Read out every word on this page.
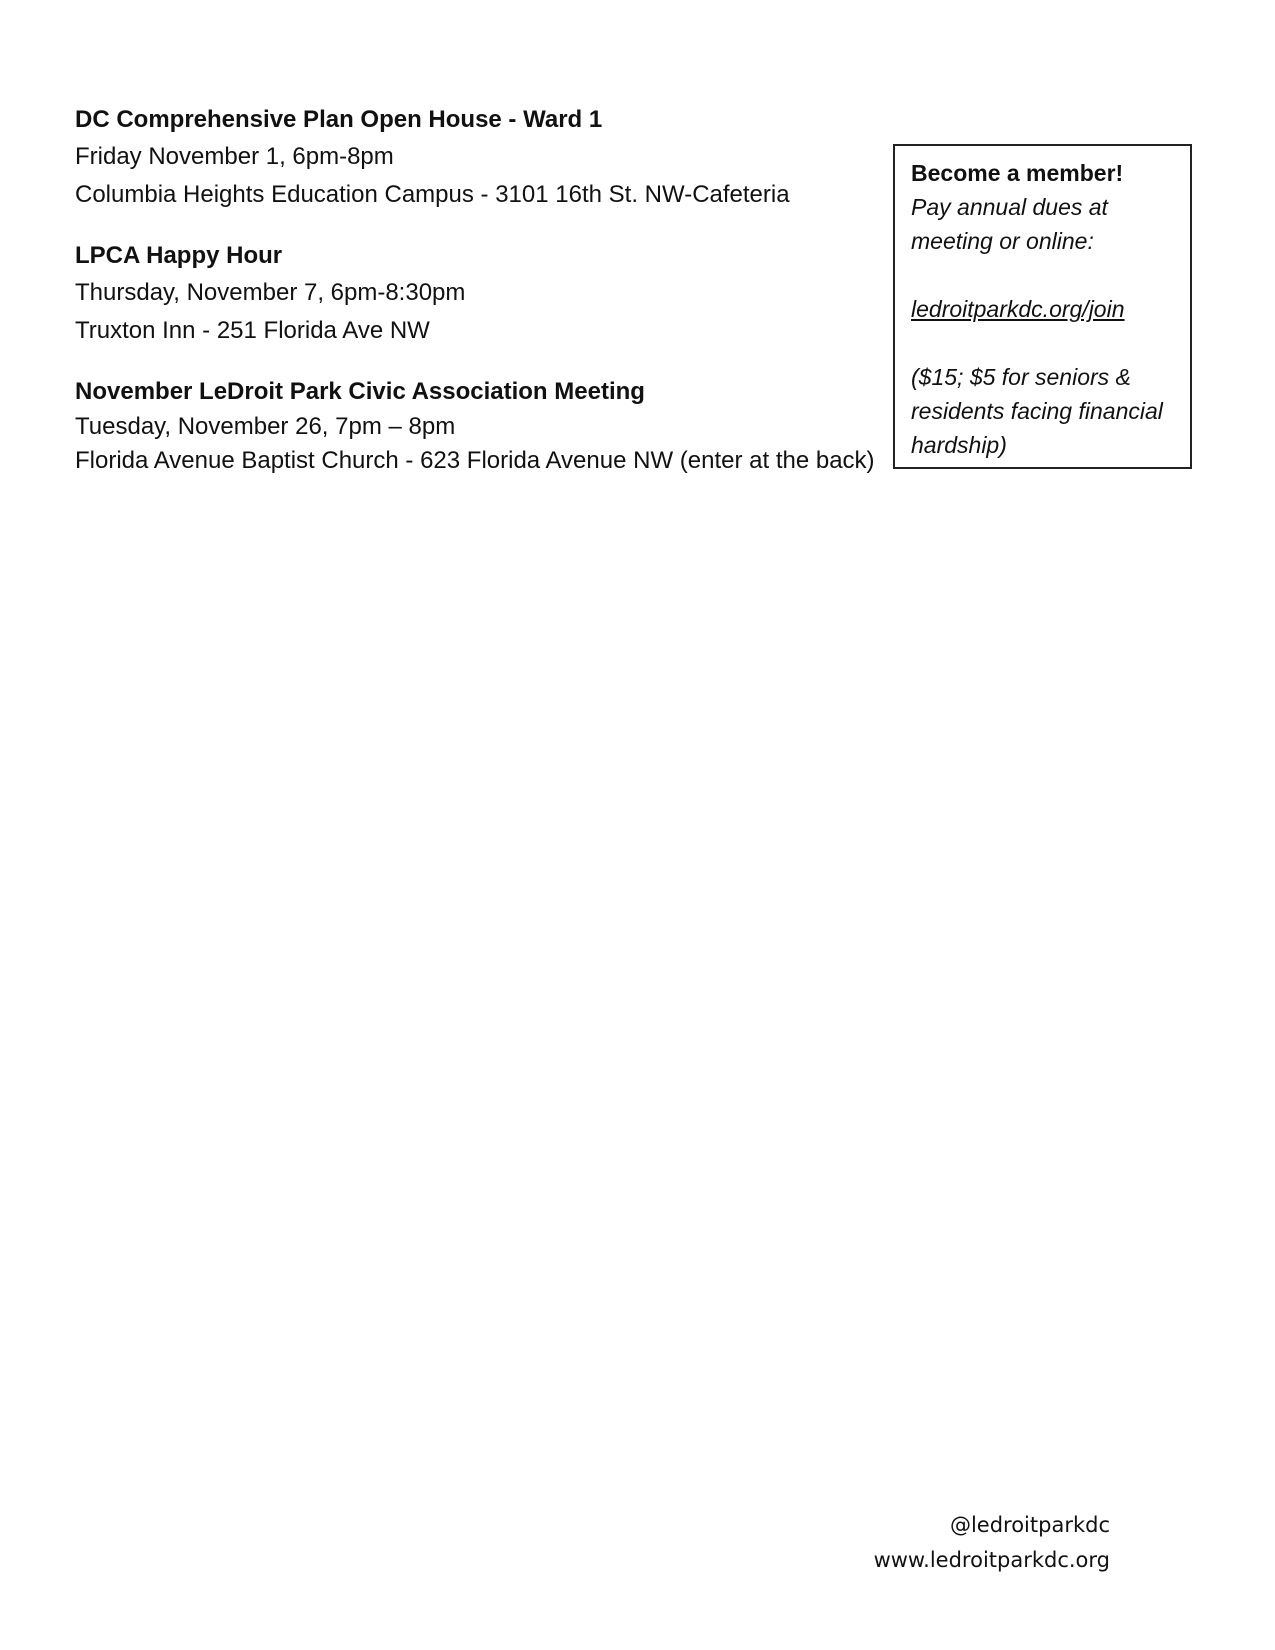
DC Comprehensive Plan Open House - Ward 1
Friday November 1, 6pm-8pm
Columbia Heights Education Campus - 3101 16th St. NW-Cafeteria
LPCA Happy Hour
Thursday, November 7, 6pm-8:30pm
Truxton Inn - 251 Florida Ave NW
November LeDroit Park Civic Association Meeting
Tuesday, November 26, 7pm – 8pm
Florida Avenue Baptist Church - 623 Florida Avenue NW (enter at the back)
Become a member!
Pay annual dues at meeting or online:
ledroitparkdc.org/join
($15; $5 for seniors & residents facing financial hardship)
@ledroitparkdc
www.ledroitparkdc.org
